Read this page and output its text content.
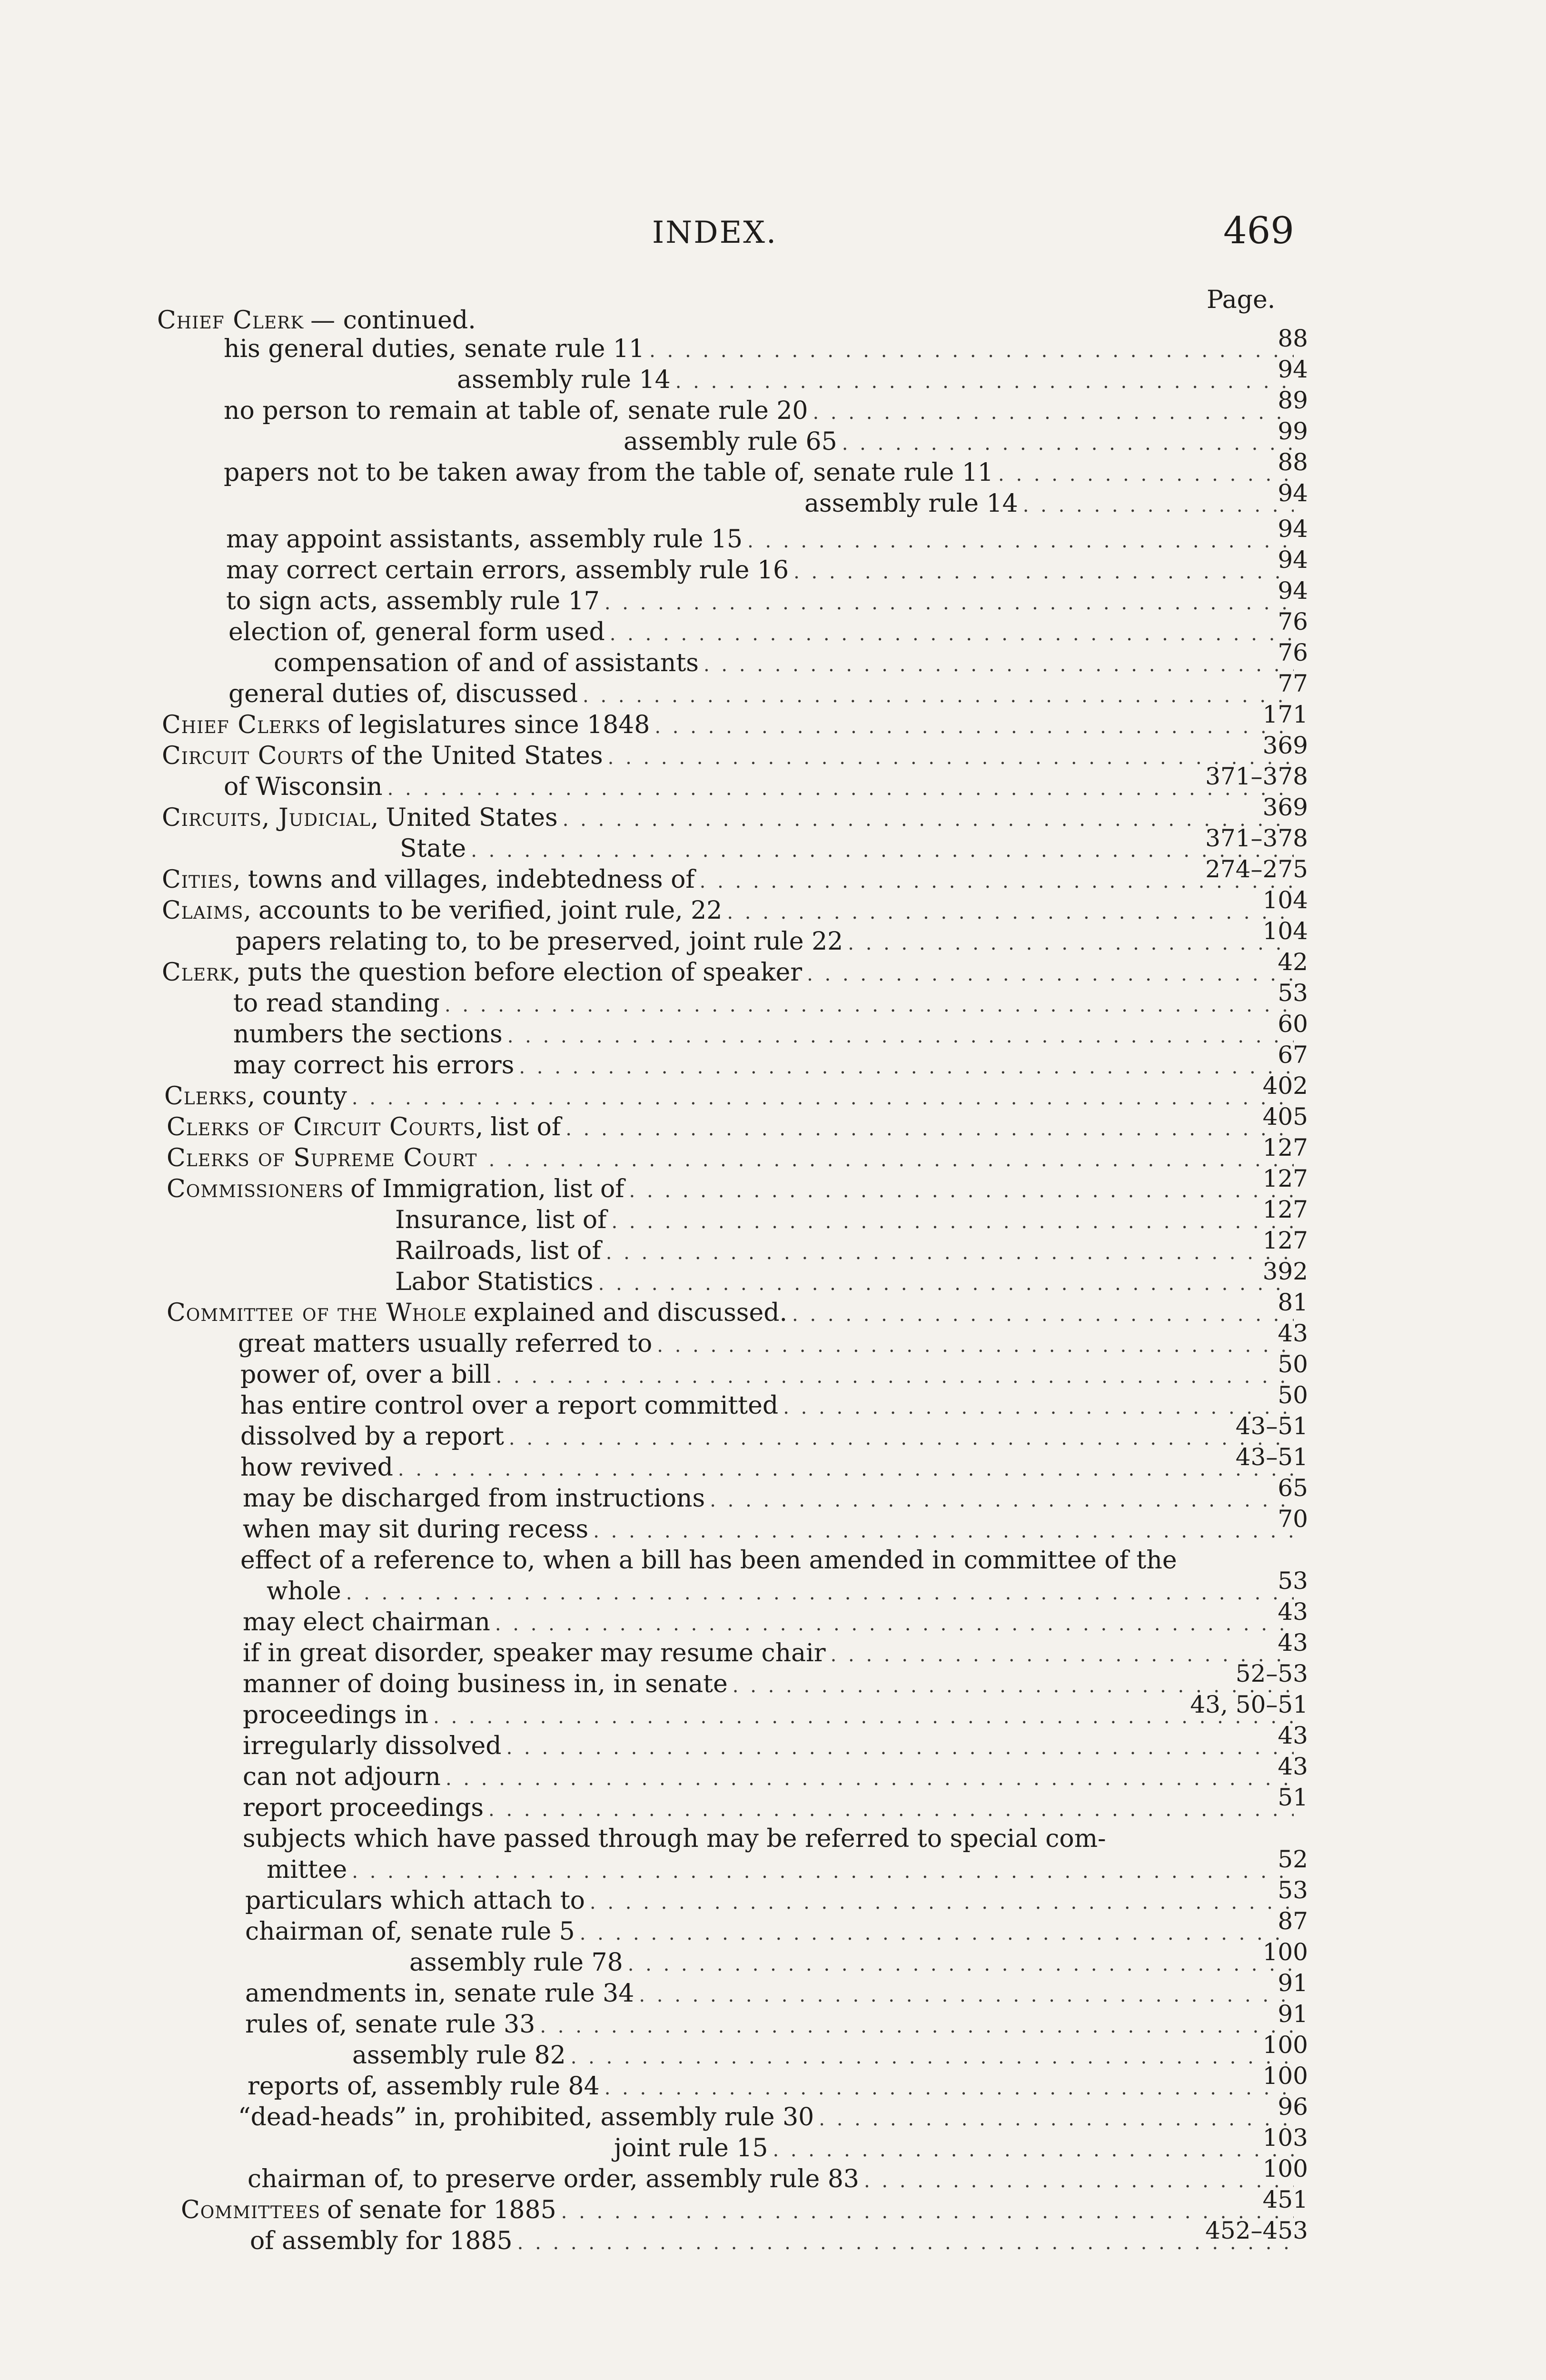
INDEX.	469
Page.
Chief Clerk — continued.
his general duties, senate rule 11 . . .	88
assembly rule 14 . . .	94
no person to remain at table of, senate rule 20 . . .	89
assembly rule 65 . . .	99
papers not to be taken away from the table of, senate rule 11 . . .	88
assembly rule 14 . . .	94
may appoint assistants, assembly rule 15 . . .	94
may correct certain errors, assembly rule 16 . . .	94
to sign acts, assembly rule 17 . . .	94
election of, general form used . . .	76
compensation of and of assistants . . .	76
general duties of, discussed . . .	77
Chief Clerks of legislatures since 1848 . . .	171
Circuit Courts of the United States . . .	369
of Wisconsin . . .	371–378
Circuits, Judicial, United States . . .	369
State . . .	371–378
Cities, towns and villages, indebtedness of . . .	274–275
Claims, accounts to be verified, joint rule, 22 . . .	104
papers relating to, to be preserved, joint rule 22 . . .	104
Clerk, puts the question before election of speaker . . .	42
to read standing . . .	53
numbers the sections . . .	60
may correct his errors . . .	67
Clerks, county . . .	402
Clerks of Circuit Courts, list of . . .	405
Clerks of Supreme Court . . .	127
Commissioners of Immigration, list of . . .	127
Insurance, list of . . .	127
Railroads, list of . . .	127
Labor Statistics . . .	392
Committee of the Whole explained and discussed. . . .	81
great matters usually referred to . . .	43
power of, over a bill . . .	50
has entire control over a report committed . . .	50
dissolved by a report . . .	43–51
how revived . . .	43–51
may be discharged from instructions . . .	65
when may sit during recess . . .	70
effect of a reference to, when a bill has been amended in committee of the
whole . . .	53
may elect chairman . . .	43
if in great disorder, speaker may resume chair . . .	43
manner of doing business in, in senate . . .	52–53
proceedings in . . .	43, 50–51
irregularly dissolved . . .	43
can not adjourn . . .	43
report proceedings . . .	51
subjects which have passed through may be referred to special com-
mittee . . .	52
particulars which attach to . . .	53
chairman of, senate rule 5 . . .	87
assembly rule 78 . . .	100
amendments in, senate rule 34 . . .	91
rules of, senate rule 33 . . .	91
assembly rule 82 . . .	100
reports of, assembly rule 84 . . .	100
“dead-heads” in, prohibited, assembly rule 30 . . .	96
joint rule 15 . . .	103
chairman of, to preserve order, assembly rule 83 . . .	100
Committees of senate for 1885 . . .	451
of assembly for 1885 . . .	452–453
